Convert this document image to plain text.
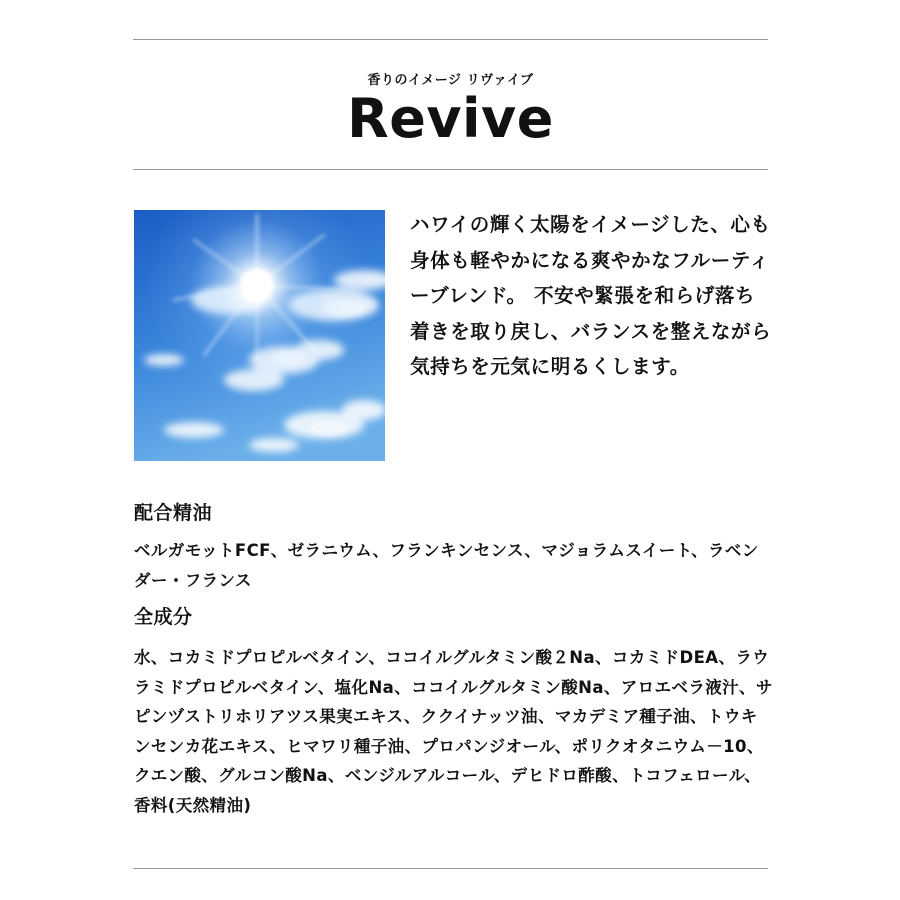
香りのイメージ リヴァイブ
Revive
ハワイの輝く太陽をイメージした、心も身体も軽やかになる爽やかなフルーティーブレンド。 不安や緊張を和らげ落ち着きを取り戻し、バランスを整えながら気持ちを元気に明るくします。
配合精油
ベルガモットFCF、ゼラニウム、フランキンセンス、マジョラムスイート、ラベンダー・フランス
全成分
水、コカミドプロピルベタイン、ココイルグルタミン酸２Na、コカミドDEA、ラウラミドプロピルベタイン、塩化Na、ココイルグルタミン酸Na、アロエベラ液汁、サピンヅストリホリアツス果実エキス、ククイナッツ油、マカデミア種子油、トウキンセンカ花エキス、ヒマワリ種子油、プロパンジオール、ポリクオタニウム－10、クエン酸、グルコン酸Na、ベンジルアルコール、デヒドロ酢酸、トコフェロール、香料(天然精油)
